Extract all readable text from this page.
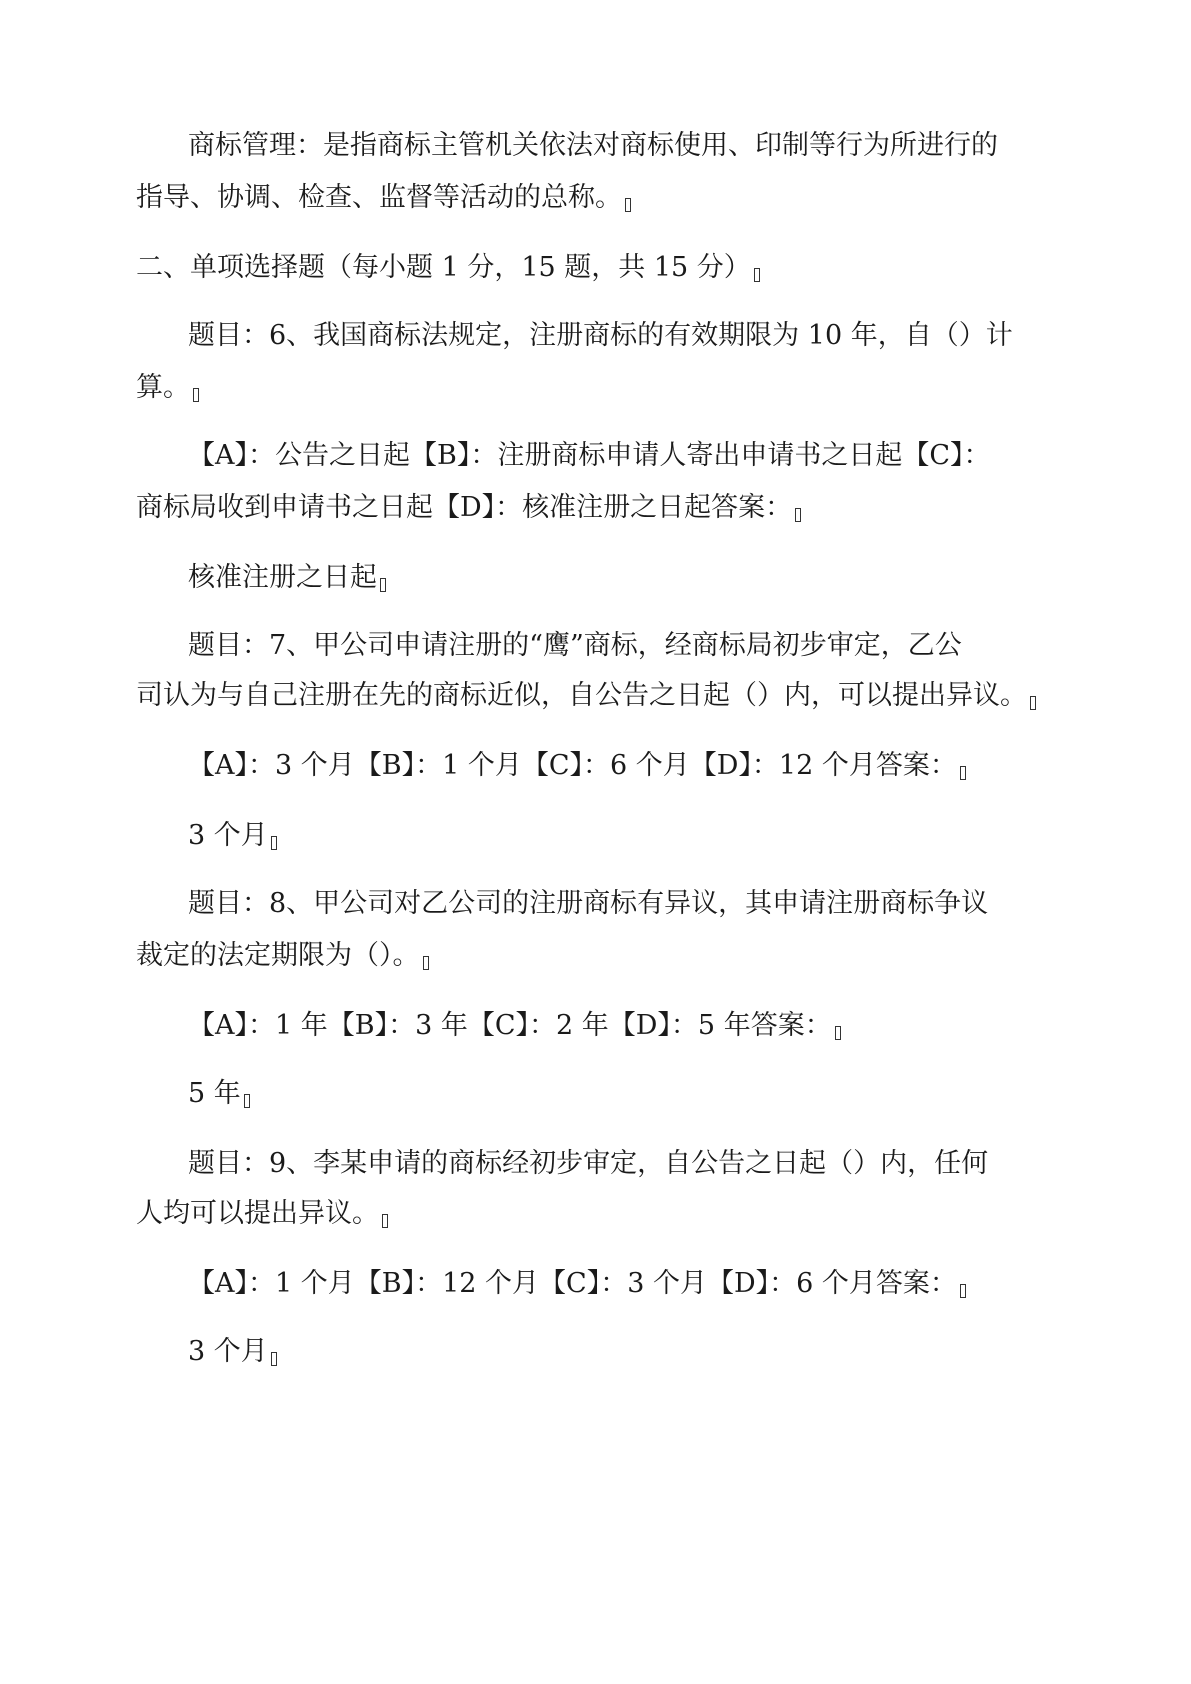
商标管理：是指商标主管机关依法对商标使用、印制等行为所进行的
指导、协调、检查、监督等活动的总称。
二、单项选择题（每小题 1 分，15 题，共 15 分）
题目：6、我国商标法规定，注册商标的有效期限为 10 年，自（）计
算。
【A】：公告之日起【B】：注册商标申请人寄出申请书之日起【C】：
商标局收到申请书之日起【D】：核准注册之日起答案：
核准注册之日起
题目：7、甲公司申请注册的“鹰”商标，经商标局初步审定，乙公
司认为与自己注册在先的商标近似，自公告之日起（）内，可以提出异议。
【A】：3 个月【B】：1 个月【C】：6 个月【D】：12 个月答案：
3 个月
题目：8、甲公司对乙公司的注册商标有异议，其申请注册商标争议
裁定的法定期限为（）。
【A】：1 年【B】：3 年【C】：2 年【D】：5 年答案：
5 年
题目：9、李某申请的商标经初步审定，自公告之日起（）内，任何
人均可以提出异议。
【A】：1 个月【B】：12 个月【C】：3 个月【D】：6 个月答案：
3 个月
